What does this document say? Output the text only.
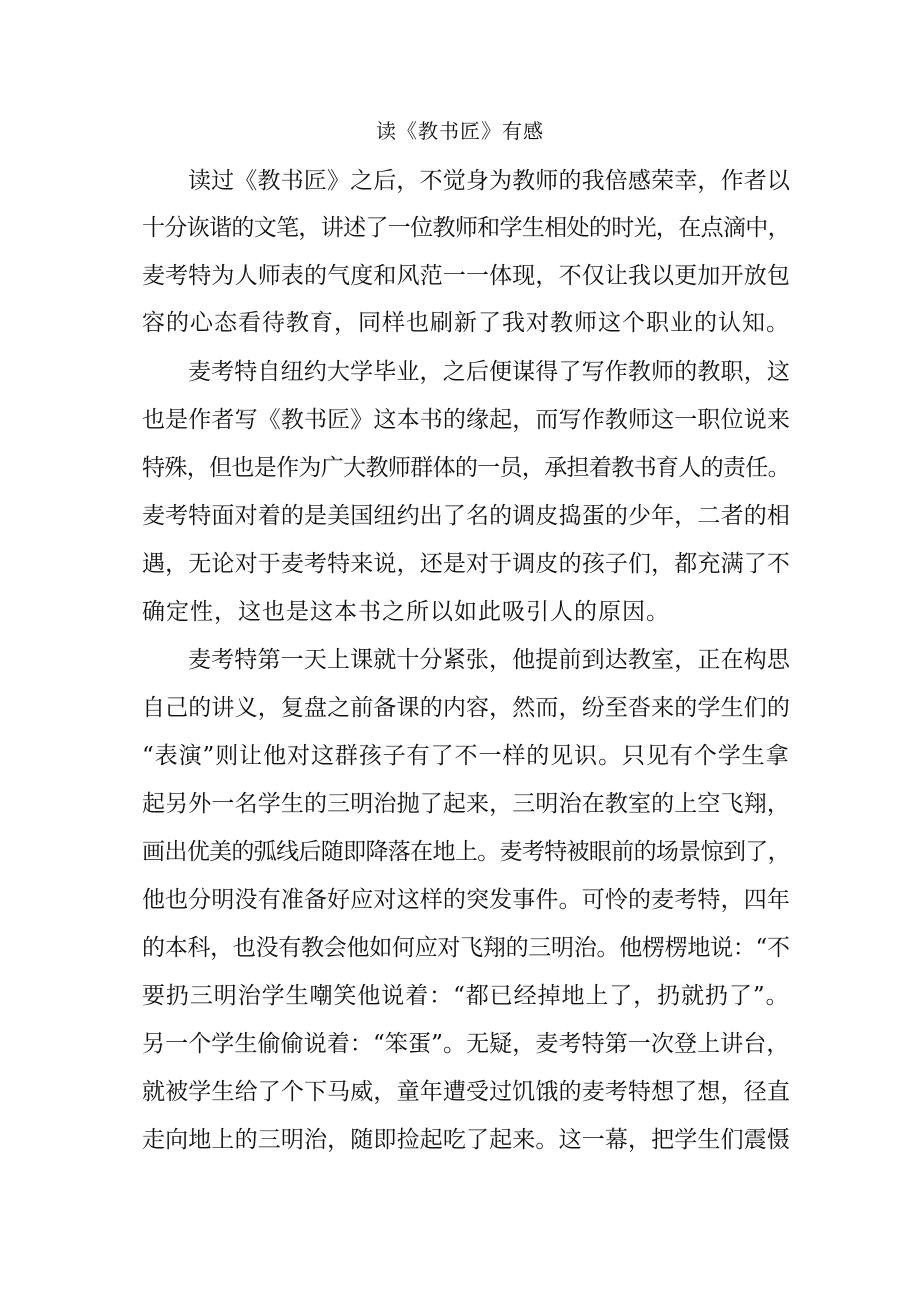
读《教书匠》有感
读过《教书匠》之后，不觉身为教师的我倍感荣幸，作者以
十分诙谐的文笔，讲述了一位教师和学生相处的时光，在点滴中，
麦考特为人师表的气度和风范一一体现，不仅让我以更加开放包
容的心态看待教育，同样也刷新了我对教师这个职业的认知。
麦考特自纽约大学毕业，之后便谋得了写作教师的教职，这
也是作者写《教书匠》这本书的缘起，而写作教师这一职位说来
特殊，但也是作为广大教师群体的一员，承担着教书育人的责任。
麦考特面对着的是美国纽约出了名的调皮捣蛋的少年，二者的相
遇，无论对于麦考特来说，还是对于调皮的孩子们，都充满了不
确定性，这也是这本书之所以如此吸引人的原因。
麦考特第一天上课就十分紧张，他提前到达教室，正在构思
自己的讲义，复盘之前备课的内容，然而，纷至沓来的学生们的
“表演”则让他对这群孩子有了不一样的见识。只见有个学生拿
起另外一名学生的三明治抛了起来，三明治在教室的上空飞翔，
画出优美的弧线后随即降落在地上。麦考特被眼前的场景惊到了，
他也分明没有准备好应对这样的突发事件。可怜的麦考特，四年
的本科，也没有教会他如何应对飞翔的三明治。他楞楞地说：“不
要扔三明治学生嘲笑他说着：“都已经掉地上了，扔就扔了”。
另一个学生偷偷说着：“笨蛋”。无疑，麦考特第一次登上讲台，
就被学生给了个下马威，童年遭受过饥饿的麦考特想了想，径直
走向地上的三明治，随即捡起吃了起来。这一幕，把学生们震慑
